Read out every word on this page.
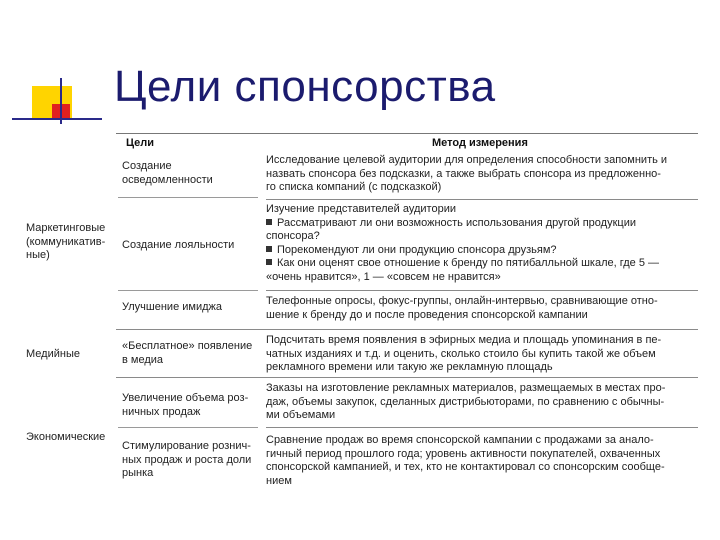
Цели спонсорства
Цели	Метод измерения
Маркетинговые
(коммуникатив-
ные)
Медийные
Экономические
Создание
осведомленности
Исследование целевой аудитории для определения способности запомнить и
назвать спонсора без подсказки, а также выбрать спонсора из предложенно-
го списка компаний (с подсказкой)
Создание лояльности
Изучение представителей аудитории
Рассматривают ли они возможность использования другой продукции
спонсора?
Порекомендуют ли они продукцию спонсора друзьям?
Как они оценят свое отношение к бренду по пятибалльной шкале, где 5 —
«очень нравится», 1 — «совсем не нравится»
Улучшение имиджа	Телефонные опросы, фокус-группы, онлайн-интервью, сравнивающие отно-
шение к бренду до и после проведения спонсорской кампании
«Бесплатное» появление
в медиа
Подсчитать время появления в эфирных медиа и площадь упоминания в пе-
чатных изданиях и т.д. и оценить, сколько стоило бы купить такой же объем
рекламного времени или такую же рекламную площадь
Увеличение объема роз-
ничных продаж
Заказы на изготовление рекламных материалов, размещаемых в местах про-
даж, объемы закупок, сделанных дистрибьюторами, по сравнению с обычны-
ми объемами
Стимулирование рознич-
ных продаж и роста доли
рынка
Сравнение продаж во время спонсорской кампании с продажами за анало-
гичный период прошлого года; уровень активности покупателей, охваченных
спонсорской кампанией, и тех, кто не контактировал со спонсорским сообще-
нием
